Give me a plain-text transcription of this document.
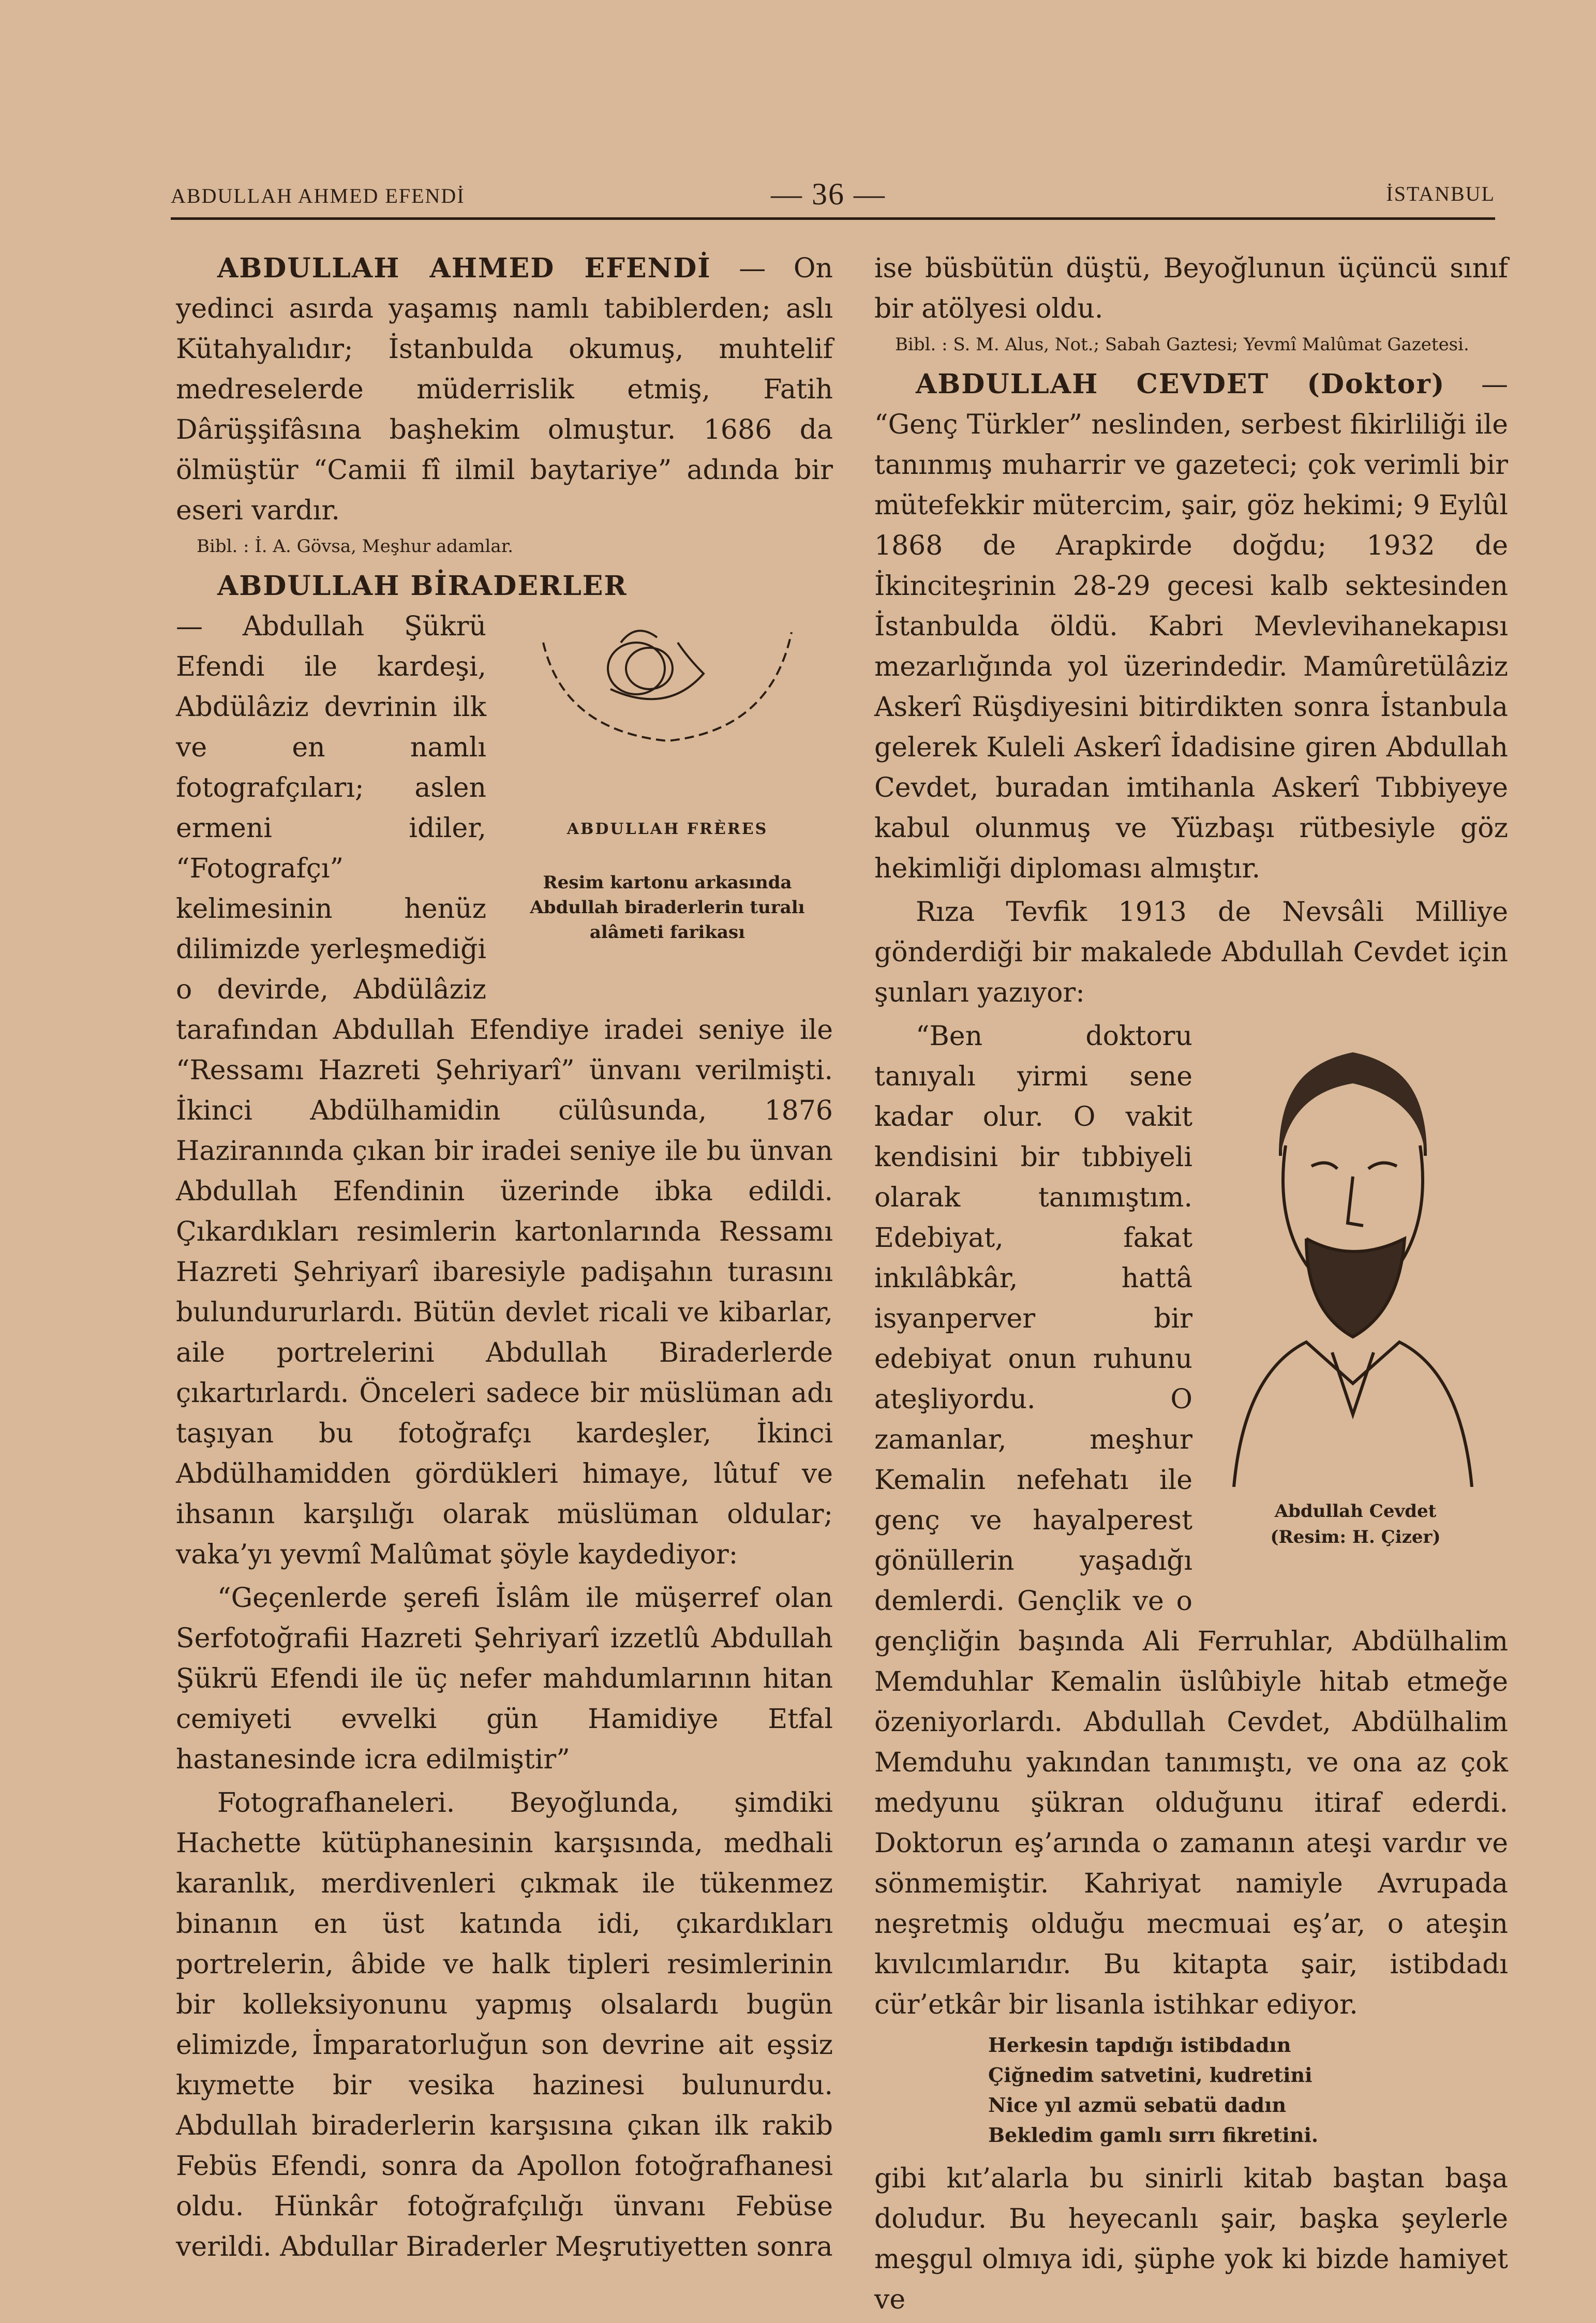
ABDULLAH AHMED EFENDİ	— 36 —	İSTANBUL

ABDULLAH AHMED EFENDİ — On yedinci asırda yaşamış namlı tabiblerden; aslı Kütahyalıdır; İstanbulda okumuş, muhtelif medreselerde müderrislik etmiş, Fatih Dârüşşifâsına başhekim olmuştur. 1686 da ölmüştür “Camii fî ilmil baytariye” adında bir eseri vardır.

Bibl. : İ. A. Gövsa, Meşhur adamlar.

ABDULLAH BİRADERLER

ABDULLAH FRÈRES
Resim kartonu arkasında Abdullah biraderlerin turalı alâmeti farikası

— Abdullah Şükrü Efendi ile kardeşi, Abdülâziz devrinin ilk ve en namlı fotografçıları; aslen ermeni idiler, “Fotografçı” kelimesinin henüz dilimizde yerleşmediği o devirde, Abdülâziz tarafından Abdullah Efendiye iradei seniye ile “Ressamı Hazreti Şehriyarî” ünvanı verilmişti. İkinci Abdülhamidin cülûsunda, 1876 Haziranında çıkan bir iradei seniye ile bu ünvan Abdullah Efendinin üzerinde ibka edildi. Çıkardıkları resimlerin kartonlarında Ressamı Hazreti Şehriyarî ibaresiyle padişahın turasını bulundururlardı. Bütün devlet ricali ve kibarlar, aile portrelerini Abdullah Biraderlerde çıkartırlardı. Önceleri sadece bir müslüman adı taşıyan bu fotoğrafçı kardeşler, İkinci Abdülhamidden gördükleri himaye, lûtuf ve ihsanın karşılığı olarak müslüman oldular; vaka’yı yevmî Malûmat şöyle kaydediyor:

“Geçenlerde şerefi İslâm ile müşerref olan Serfotoğrafii Hazreti Şehriyarî izzetlû Abdullah Şükrü Efendi ile üç nefer mahdumlarının hitan cemiyeti evvelki gün Hamidiye Etfal hastanesinde icra edilmiştir”

Fotografhaneleri. Beyoğlunda, şimdiki Hachette kütüphanesinin karşısında, medhali karanlık, merdivenleri çıkmak ile tükenmez binanın en üst katında idi, çıkardıkları portrelerin, âbide ve halk tipleri resimlerinin bir kolleksiyonunu yapmış olsalardı bugün elimizde, İmparatorluğun son devrine ait eşsiz kıymette bir vesika hazinesi bulunurdu. Abdullah biraderlerin karşısına çıkan ilk rakib Febüs Efendi, sonra da Apollon fotoğrafhanesi oldu. Hünkâr fotoğrafçılığı ünvanı Febüse verildi. Abdullar Biraderler Meşrutiyetten sonra

ise büsbütün düştü, Beyoğlunun üçüncü sınıf bir atölyesi oldu.

Bibl. : S. M. Alus, Not.; Sabah Gaztesi; Yevmî Malûmat Gazetesi.

ABDULLAH CEVDET (Doktor) — “Genç Türkler” neslinden, serbest fikirliliği ile tanınmış muharrir ve gazeteci; çok verimli bir mütefekkir mütercim, şair, göz hekimi; 9 Eylûl 1868 de Arapkirde doğdu; 1932 de İkinciteşrinin 28-29 gecesi kalb sektesinden İstanbulda öldü. Kabri Mevlevihanekapısı mezarlığında yol üzerindedir. Mamûretülâziz Askerî Rüşdiyesini bitirdikten sonra İstanbula gelerek Kuleli Askerî İdadisine giren Abdullah Cevdet, buradan imtihanla Askerî Tıbbiyeye kabul olunmuş ve Yüzbaşı rütbesiyle göz hekimliği diploması almıştır.

Rıza Tevfik 1913 de Nevsâli Milliye gönderdiği bir makalede Abdullah Cevdet için şunları yazıyor:

Abdullah Cevdet
(Resim: H. Çizer)

“Ben doktoru tanıyalı yirmi sene kadar olur. O vakit kendisini bir tıbbiyeli olarak tanımıştım. Edebiyat, fakat inkılâbkâr, hattâ isyanperver bir edebiyat onun ruhunu ateşliyordu. O zamanlar, meşhur Kemalin nefehatı ile genç ve hayalperest gönüllerin yaşadığı demlerdi. Gençlik ve o gençliğin başında Ali Ferruhlar, Abdülhalim Memduhlar Kemalin üslûbiyle hitab etmeğe özeniyorlardı. Abdullah Cevdet, Abdülhalim Memduhu yakından tanımıştı, ve ona az çok medyunu şükran olduğunu itiraf ederdi. Doktorun eş’arında o zamanın ateşi vardır ve sönmemiştir. Kahriyat namiyle Avrupada neşretmiş olduğu mecmuai eş’ar, o ateşin kıvılcımlarıdır. Bu kitapta şair, istibdadı cür’etkâr bir lisanla istihkar ediyor.

Herkesin tapdığı istibdadın
Çiğnedim satvetini, kudretini
Nice yıl azmü sebatü dadın
Bekledim gamlı sırrı fikretini.

gibi kıt’alarla bu sinirli kitab baştan başa doludur. Bu heyecanlı şair, başka şeylerle meşgul olmıya idi, şüphe yok ki bizde hamiyet ve
